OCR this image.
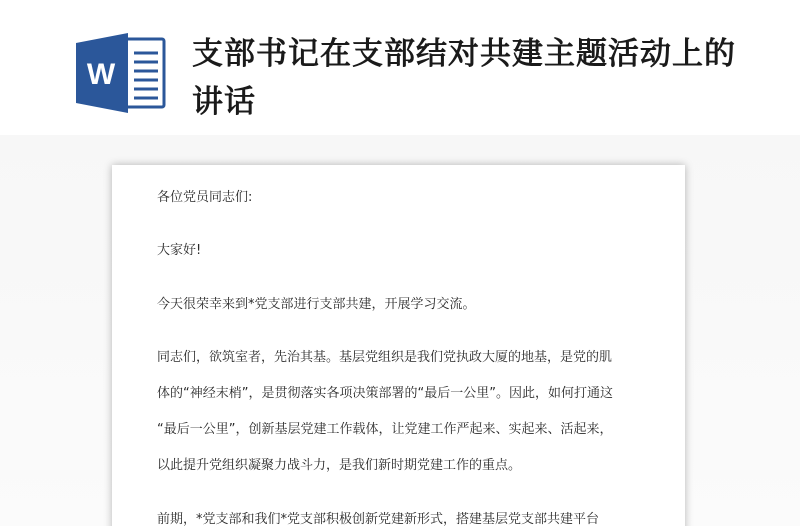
W
支部书记在支部结对共建主题活动上的讲话
各位党员同志们:
大家好!
今天很荣幸来到*党支部进行支部共建，开展学习交流。
同志们，欲筑室者，先治其基。基层党组织是我们党执政大厦的地基，是党的肌
体的“神经末梢”，是贯彻落实各项决策部署的“最后一公里”。因此，如何打通这
“最后一公里”，创新基层党建工作载体，让党建工作严起来、实起来、活起来，
以此提升党组织凝聚力战斗力，是我们新时期党建工作的重点。
前期，*党支部和我们*党支部积极创新党建新形式，搭建基层党支部共建平台
